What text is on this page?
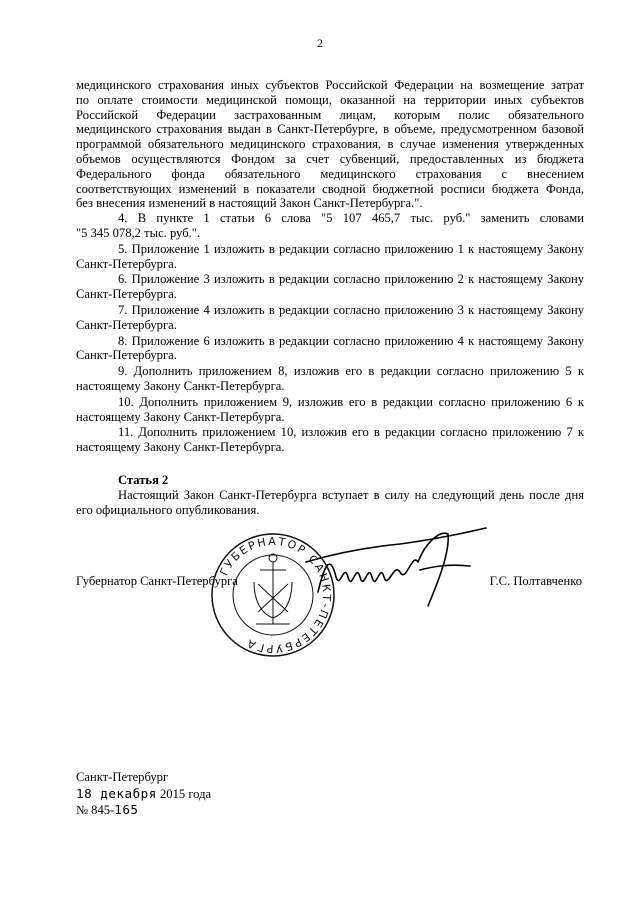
2

медицинского страхования иных субъектов Российской Федерации на возмещение затрат

по оплате стоимости медицинской помощи, оказанной на территории иных субъектов

Российской Федерации застрахованным лицам, которым полис обязательного

медицинского страхования выдан в Санкт-Петербурге, в объеме, предусмотренном базовой

программой обязательного медицинского страхования, в случае изменения утвержденных

объемов осуществляются Фондом за счет субвенций, предоставленных из бюджета

Федерального фонда обязательного медицинского страхования с внесением

соответствующих изменений в показатели сводной бюджетной росписи бюджета Фонда,

без внесения изменений в настоящий Закон Санкт-Петербурга.".

4. В пункте 1 статьи 6 слова "5 107 465,7 тыс. руб." заменить словами

"5 345 078,2 тыс. руб.".

5. Приложение 1 изложить в редакции согласно приложению 1 к настоящему Закону

Санкт-Петербурга.

6. Приложение 3 изложить в редакции согласно приложению 2 к настоящему Закону

Санкт-Петербурга.

7. Приложение 4 изложить в редакции согласно приложению 3 к настоящему Закону

Санкт-Петербурга.

8. Приложение 6 изложить в редакции согласно приложению 4 к настоящему Закону

Санкт-Петербурга.

9. Дополнить приложением 8, изложив его в редакции согласно приложению 5 к

настоящему Закону Санкт-Петербурга.

10. Дополнить приложением 9, изложив его в редакции согласно приложению 6 к

настоящему Закону Санкт-Петербурга.

11. Дополнить приложением 10, изложив его в редакции согласно приложению 7 к

настоящему Закону Санкт-Петербурга.

Статья 2

Настоящий Закон Санкт-Петербурга вступает в силу на следующий день после дня

его официального опубликования.

ГУБЕРНАТОР САНКТ-ПЕТЕРБУРГА
Губернатор Санкт-Петербурга	Г.С. Полтавченко
Санкт-Петербург
18 декабря 2015 года
№ 845-165
